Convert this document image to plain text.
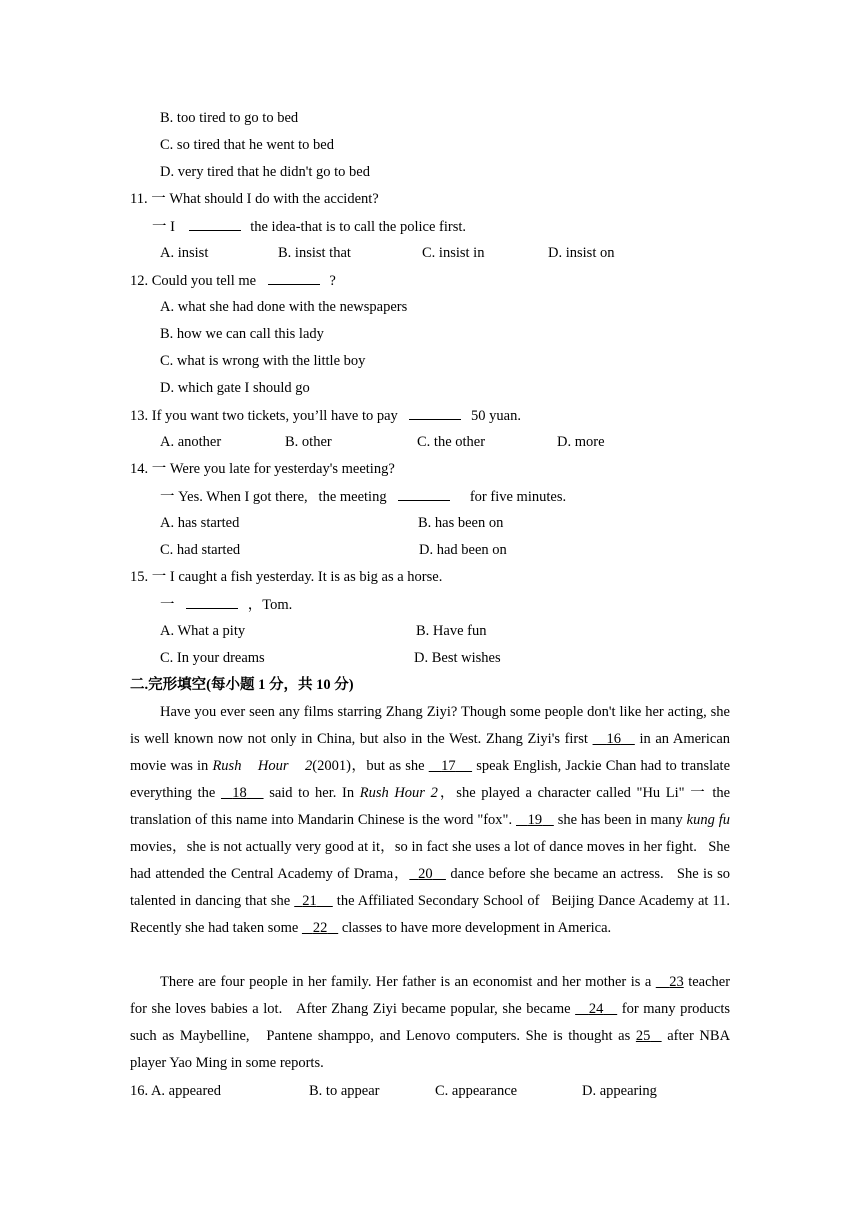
B. too tired to go to bed
C. so tired that he went to bed
D. very tired that he didn't go to bed
11. 一 What should I do with the accident?
一 I	the idea-that is to call the police first.
A. insist	B. insist that	C. insist in	D. insist on
12. Could you tell me	?
A. what she had done with the newspapers
B. how we can call this lady
C. what is wrong with the little boy
D. which gate I should go
13. If you want two tickets, you’ll have to pay	50 yuan.
A. another	B. other	C. the other	D. more
14. 一 Were you late for yesterday's meeting?
一 Yes. When I got there,   the meeting	for five minutes.
A. has started	B. has been on
C. had started	D. had been on
15. 一 I caught a fish yesterday. It is as big as a horse.
一	，Tom.
A. What a pity	B. Have fun
C. In your dreams	D. Best wishes
二.完形填空(每小题 1 分，共 10 分)
Have you ever seen any films starring Zhang Ziyi? Though some people don't like her acting, she is well known now not only in China, but also in the West. Zhang Ziyi's first 16 in an American movie was in Rush    Hour    2(2001)，but as she 17 speak English, Jackie Chan had to translate everything the 18 said to her. In Rush Hour 2，she played a character called "Hu Li" 一 the translation of this name into Mandarin Chinese is the word "fox". 19 she has been in many kung fu movies，she is not actually very good at it，so in fact she uses a lot of dance moves in her fight.   She had attended the Central Academy of Drama， 20 dance before she became an actress.   She is so talented in dancing that she 21 the Affiliated Secondary School of   Beijing Dance Academy at 11. Recently she had taken some 22 classes to have more development in America.
There are four people in her family. Her father is an economist and her mother is a 23 teacher for she loves babies a lot.   After Zhang Ziyi became popular, she became 24 for many products such as Maybelline,   Pantene shamppo, and Lenovo computers. She is thought as 25 after NBA player Yao Ming in some reports.
16. A. appeared	B. to appear	C. appearance	D. appearing
